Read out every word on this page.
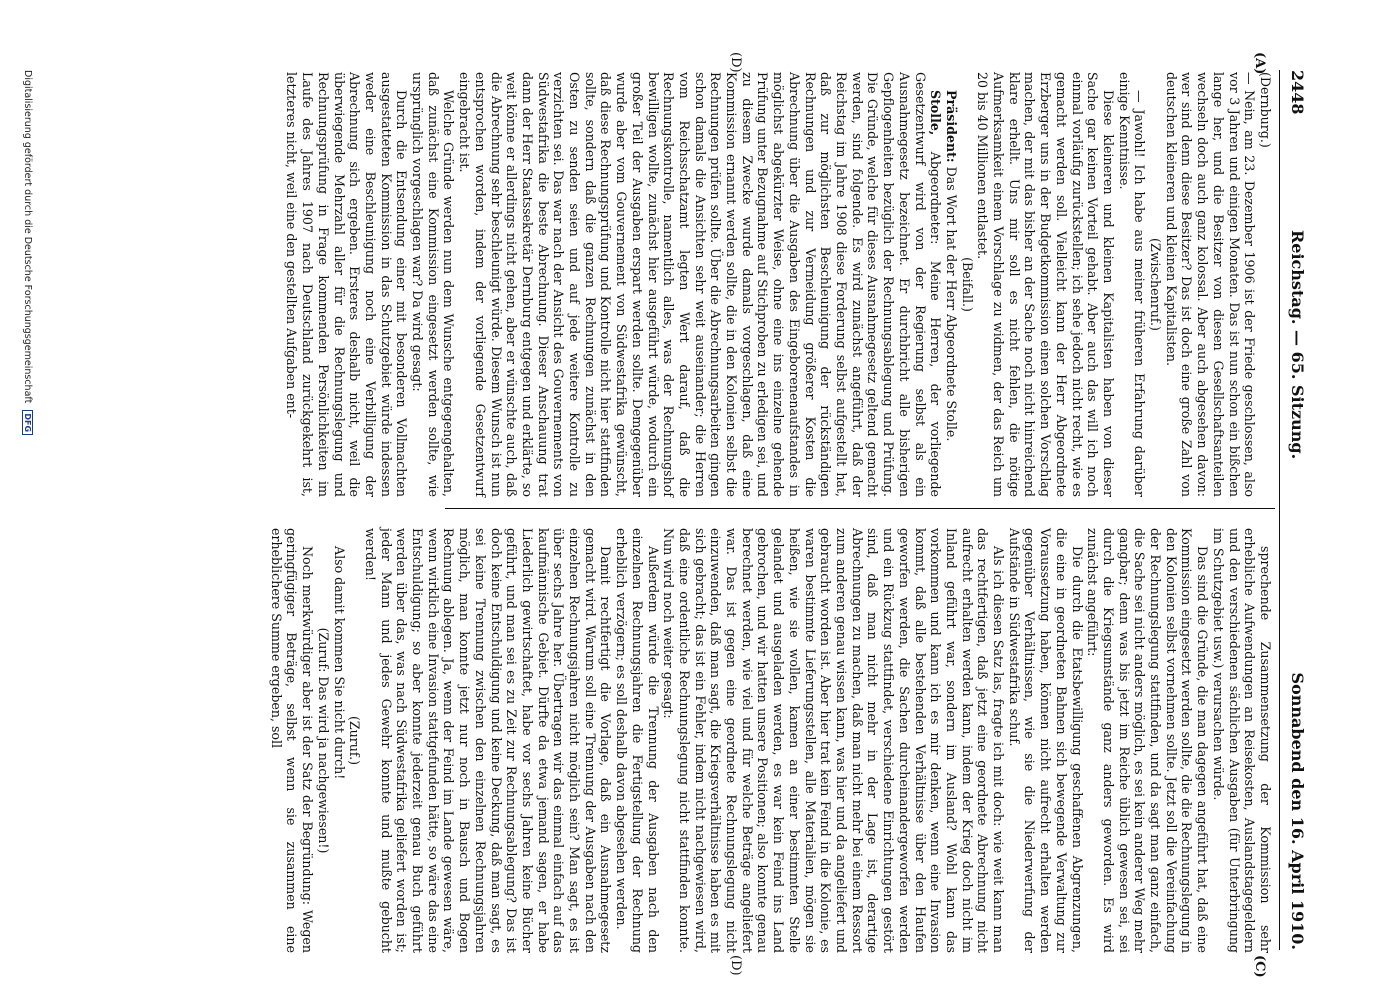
2448
Reichstag. — 65. Sitzung.
Sonnabend den 16. April 1910.
(A)
(C)
(D)
(D)

(Dernburg.)

— Nein, am 23. Dezember 1906 ist der Friede geschlossen, also vor 3 Jahren und einigen Monaten. Das ist nun schon ein bißchen lange her, und die Besitzer von diesen Gesellschaftsanteilen wechseln doch auch ganz kolossal. Aber auch abgesehen davon: wer sind denn diese Besitzer? Das ist doch eine große Zahl von deutschen kleineren und kleinen Kapitalisten.

(Zwischenruf.)

— Jawohl! Ich habe aus meiner früheren Erfahrung darüber einige Kenntnisse.

Diese kleineren und kleinen Kapitalisten haben von dieser Sache gar keinen Vorteil gehabt. Aber auch das will ich noch einmal vorläufig zurückstellen; ich sehe jedoch nicht recht, wie es gemacht werden soll. Vielleicht kann der Herr Abgeordnete Erzberger uns in der Budgetkommission einen solchen Vorschlag machen, der mit das bisher an der Sache noch nicht hinreichend klare erhellt. Uns mir soll es nicht fehlen, die nötige Aufmerksamkeit einem Vorschlage zu widmen, der das Reich um 20 bis 40 Millionen entlastet.

(Beifall.)

Präsident: Das Wort hat der Herr Abgeordnete Stolle.

Stolle, Abgeordneter: Meine Herren, der vorliegende Gesetzentwurf wird von der Regierung selbst als ein Ausnahmegesetz bezeichnet. Er durchbricht alle bisherigen Gepflogenheiten bezüglich der Rechnungsablegung und Prüfung. Die Gründe, welche für dieses Ausnahmegesetz geltend gemacht werden, sind folgende. Es wird zunächst angeführt, daß der Reichstag im Jahre 1908 diese Forderung selbst aufgestellt hat, daß zur möglichsten Beschleunigung der rückständigen Rechnungen und zur Vermeidung größerer Kosten die Abrechnung über die Ausgaben des Eingeborenenaufstandes in möglichst abgekürzter Weise, ohne eine ins einzelne gehende Prüfung unter Bezugnahme auf Stichproben zu erledigen sei, und zu diesem Zwecke wurde damals vorgeschlagen, daß eine Kommission ernannt werden sollte, die in den Kolonien selbst die Rechnungen prüfen sollte. Über die Abrechnungsarbeiten gingen schon damals die Ansichten sehr weit auseinander; die Herren vom Reichsschatzamt legten Wert darauf, daß die Rechnungskontrolle, namentlich alles, was der Rechnungshof bewilligen wollte, zunächst hier ausgeführt würde, wodurch ein großer Teil der Ausgaben erspart werden sollte. Demgegenüber wurde aber vom Gouvernement von Südwestafrika gewünscht, daß diese Rechnungsprüfung und Kontrolle nicht hier stattfinden sollte, sondern daß die ganzen Rechnungen zunächst in den Osten zu senden seien und auf jede weitere Kontrolle zu verzichten sei. Das war nach der Ansicht des Gouvernements von Südwestafrika die beste Abrechnung. Dieser Anschauung trat dann der Herr Staatssekretär Dernburg entgegen und erklärte, so weit könne er allerdings nicht gehen, aber er wünschte auch, daß die Abrechnung sehr beschleunigt würde. Diesem Wunsch ist nun entsprochen worden, indem der vorliegende Gesetzentwurf eingebracht ist.

Welche Gründe werden nun dem Wunsche entgegengehalten, daß zunächst eine Kommission eingesetzt werden sollte, wie ursprünglich vorgeschlagen war? Da wird gesagt:

Durch die Entsendung einer mit besonderen Vollmachten ausgestatteten Kommission in das Schutzgebiet würde indessen weder eine Beschleunigung noch eine Verbilligung der Abrechnung sich ergeben. Ersteres deshalb nicht, weil die überwiegende Mehrzahl aller für die Rechnungslegung und Rechnungsprüfung in Frage kommenden Persönlichkeiten im Laufe des Jahres 1907 nach Deutschland zurückgekehrt ist, letzteres nicht, weil eine den gestellten Aufgaben ent-

sprechende Zusammensetzung der Kommission sehr erhebliche Aufwendungen an Reisekosten, Auslandstagegeldern und den verschiedenen sächlichen Ausgaben (für Unterbringung im Schutzgebiet usw.) verursachen würde.

Das sind die Gründe, die man dagegen angeführt hat, daß eine Kommission eingesetzt werden sollte, die die Rechnungslegung in den Kolonien selbst vornehmen sollte. Jetzt soll die Vereinfachung der Rechnungslegung stattfinden, und da sagt man ganz einfach, die Sache sei nicht anders möglich, es sei kein anderer Weg mehr gangbar; denn was bis jetzt im Reiche üblich gewesen sei, sei durch die Kriegsumstände ganz anders geworden. Es wird zunächst angeführt:

Die durch die Etatsbewilligung geschaffenen Abgrenzungen, die eine in geordneten Bahnen sich bewegende Verwaltung zur Voraussetzung haben, können nicht aufrecht erhalten werden gegenüber Verhältnissen, wie sie die Niederwerfung der Aufstände in Südwestafrika schuf.

Als ich diesen Satz las, fragte ich mit doch: wie weit kann man das rechtfertigen, daß jetzt eine geordnete Abrechnung nicht aufrecht erhalten werden kann, indem der Krieg doch nicht im Inland geführt war, sondern im Ausland? Wohl kann das vorkommen und kann ich es mir denken, wenn eine Invasion kommt, daß alle bestehenden Verhältnisse über den Haufen geworfen werden, die Sachen durcheinandergeworfen werden und ein Rückzug stattfindet, verschiedene Einrichtungen gestört sind, daß man nicht mehr in der Lage ist, derartige Abrechnungen zu machen, daß man nicht mehr bei einem Ressort zum anderen genau wissen kann, was hier und da angeliefert und gebraucht worden ist. Aber hier trat kein Feind in die Kolonie, es waren bestimmte Lieferungsstellen, alle Materialien, mögen sie heißen, wie sie wollen, kamen an einer bestimmten Stelle gelandet und ausgeladen werden, es war kein Feind ins Land gebrochen, und wir hatten unsere Positionen; also konnte genau berechnet werden, wie viel und für welche Beträge angeliefert war. Das ist gegen eine geordnete Rechnungslegung nicht einzuwenden, daß man sagt, die Kriegsverhältnisse haben es mit sich gebracht; das ist ein Fehler, indem nicht nachgewiesen wird, daß eine ordentliche Rechnungslegung nicht stattfinden konnte. Nun wird noch weiter gesagt:

Außerdem würde die Trennung der Ausgaben nach den einzelnen Rechnungsjahren die Fertigstellung der Rechnung erheblich verzögern; es soll deshalb davon abgesehen werden.

Damit rechtfertigt die Vorlage, daß ein Ausnahmegesetz gemacht wird. Warum soll eine Trennung der Ausgaben nach den einzelnen Rechnungsjahren nicht möglich sein? Man sagt, es ist über sechs Jahre her. Übertragen wir das einmal einfach auf das kaufmännische Gebiet. Dürfte da etwa jemand sagen, er habe Liederlich gewirtschaftet, habe vor sechs Jahren keine Bücher geführt, und man sei es zu Zeit zur Rechnungsablegung? Das ist doch keine Entschuldigung und keine Deckung, daß man sagt, es sei keine Trennung zwischen den einzelnen Rechnungsjahren möglich, man konnte jetzt nur noch in Bausch und Bogen Rechnung ablegen. Ja, wenn der Feind im Lande gewesen wäre, wenn wirklich eine Invasion stattgefunden hätte, so wäre das eine Entschuldigung; so aber konnte jederzeit genau Buch geführt werden über das, was nach Südwestafrika geliefert worden ist; jeder Mann und jedes Gewehr konnte und mußte gebucht werden!

(Zuruf.)

Also damit kommen Sie nicht durch!

(Zuruf: Das wird ja nachgewiesen!)

Noch merkwürdiger aber ist der Satz der Begründung: Wegen geringfügiger Beträge, selbst wenn sie zusammen eine erheblichere Summe ergeben, soll

Digitalisierung gefördert durch die Deutsche Forschungsgemeinschaft DFG
